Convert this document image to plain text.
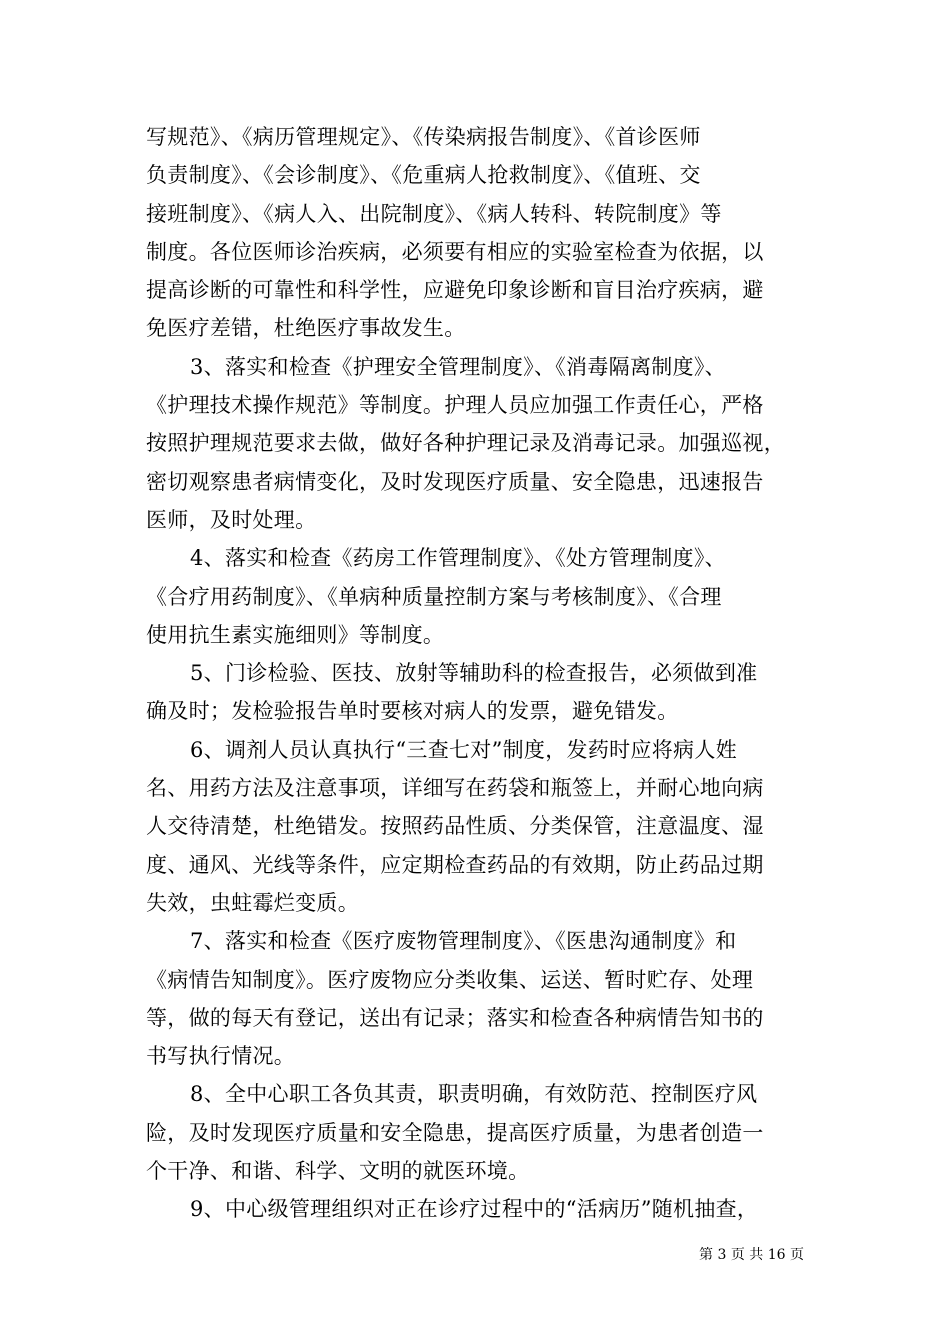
写规范》、《病历管理规定》、《传染病报告制度》、《首诊医师
负责制度》、《会诊制度》、《危重病人抢救制度》、《值班、交
接班制度》、《病人入、出院制度》、《病人转科、转院制度》等
制度。各位医师诊治疾病，必须要有相应的实验室检查为依据，以
提高诊断的可靠性和科学性，应避免印象诊断和盲目治疗疾病，避
免医疗差错，杜绝医疗事故发生。
3、落实和检查《护理安全管理制度》、《消毒隔离制度》、
《护理技术操作规范》等制度。护理人员应加强工作责任心，严格
按照护理规范要求去做，做好各种护理记录及消毒记录。加强巡视，
密切观察患者病情变化，及时发现医疗质量、安全隐患，迅速报告
医师，及时处理。
4、落实和检查《药房工作管理制度》、《处方管理制度》、
《合疗用药制度》、《单病种质量控制方案与考核制度》、《合理
使用抗生素实施细则》等制度。
5、门诊检验、医技、放射等辅助科的检查报告，必须做到准
确及时；发检验报告单时要核对病人的发票，避免错发。
6、调剂人员认真执行“三查七对”制度，发药时应将病人姓
名、用药方法及注意事项，详细写在药袋和瓶签上，并耐心地向病
人交待清楚，杜绝错发。按照药品性质、分类保管，注意温度、湿
度、通风、光线等条件，应定期检查药品的有效期，防止药品过期
失效，虫蛀霉烂变质。
7、落实和检查《医疗废物管理制度》、《医患沟通制度》和
《病情告知制度》。医疗废物应分类收集、运送、暂时贮存、处理
等，做的每天有登记，送出有记录；落实和检查各种病情告知书的
书写执行情况。
8、全中心职工各负其责，职责明确，有效防范、控制医疗风
险，及时发现医疗质量和安全隐患，提高医疗质量，为患者创造一
个干净、和谐、科学、文明的就医环境。
9、中心级管理组织对正在诊疗过程中的“活病历”随机抽查，
第 3 页 共 16 页
